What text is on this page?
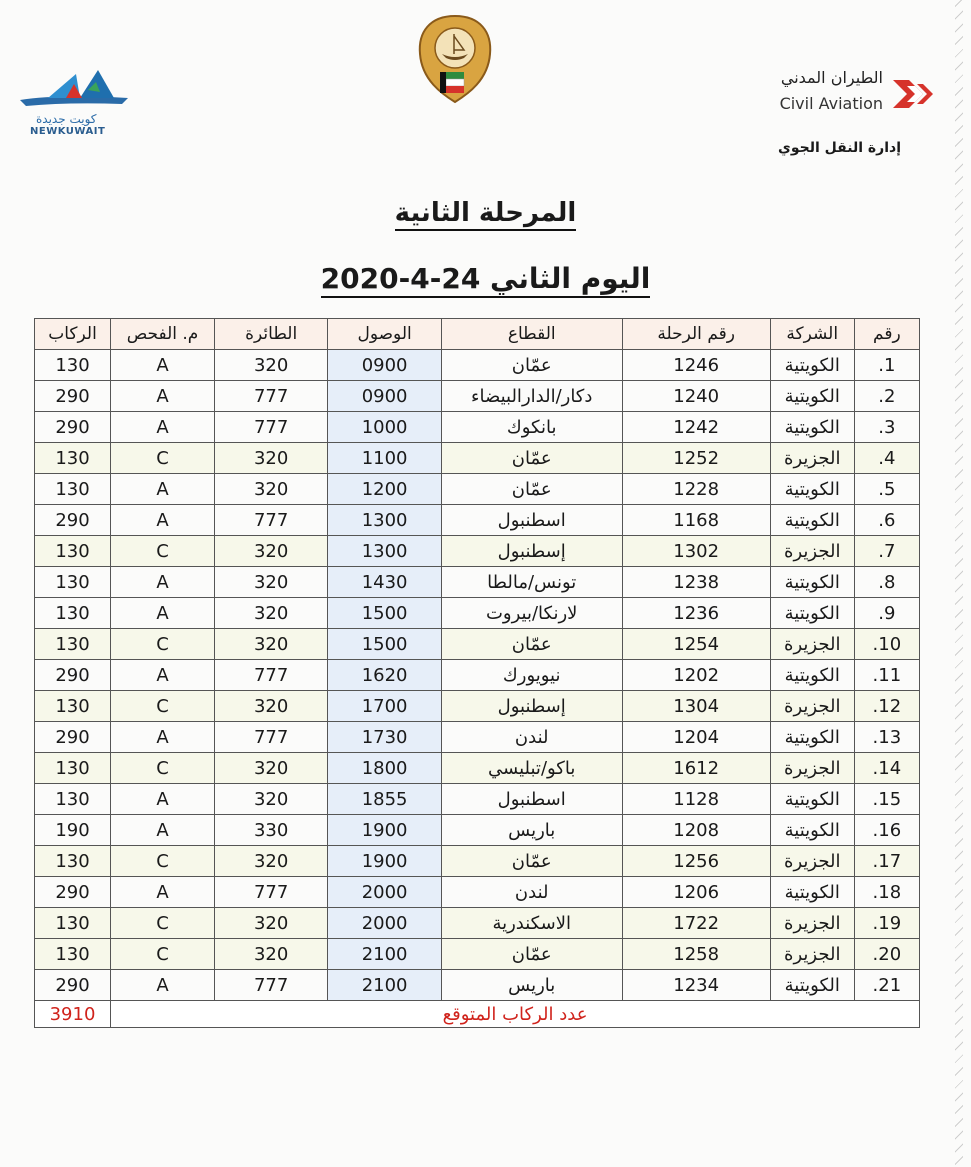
كويت جديدة
NEWKUWAIT
الطيران المدني
Civil Aviation
إدارة النقل الجوي
المرحلة الثانية
اليوم الثاني 24-4-2020
رقم	الشركة	رقم الرحلة	القطاع	الوصول	الطائرة	م. الفحص	الركاب
1.	الكويتية	1246	عمّان	0900	320	A	130
2.	الكويتية	1240	دكار/الدارالبيضاء	0900	777	A	290
3.	الكويتية	1242	بانكوك	1000	777	A	290
4.	الجزيرة	1252	عمّان	1100	320	C	130
5.	الكويتية	1228	عمّان	1200	320	A	130
6.	الكويتية	1168	اسطنبول	1300	777	A	290
7.	الجزيرة	1302	إسطنبول	1300	320	C	130
8.	الكويتية	1238	تونس/مالطا	1430	320	A	130
9.	الكويتية	1236	لارنكا/بيروت	1500	320	A	130
10.	الجزيرة	1254	عمّان	1500	320	C	130
11.	الكويتية	1202	نيويورك	1620	777	A	290
12.	الجزيرة	1304	إسطنبول	1700	320	C	130
13.	الكويتية	1204	لندن	1730	777	A	290
14.	الجزيرة	1612	باكو/تبليسي	1800	320	C	130
15.	الكويتية	1128	اسطنبول	1855	320	A	130
16.	الكويتية	1208	باريس	1900	330	A	190
17.	الجزيرة	1256	عمّان	1900	320	C	130
18.	الكويتية	1206	لندن	2000	777	A	290
19.	الجزيرة	1722	الاسكندرية	2000	320	C	130
20.	الجزيرة	1258	عمّان	2100	320	C	130
21.	الكويتية	1234	باريس	2100	777	A	290
عدد الركاب المتوقع							3910
